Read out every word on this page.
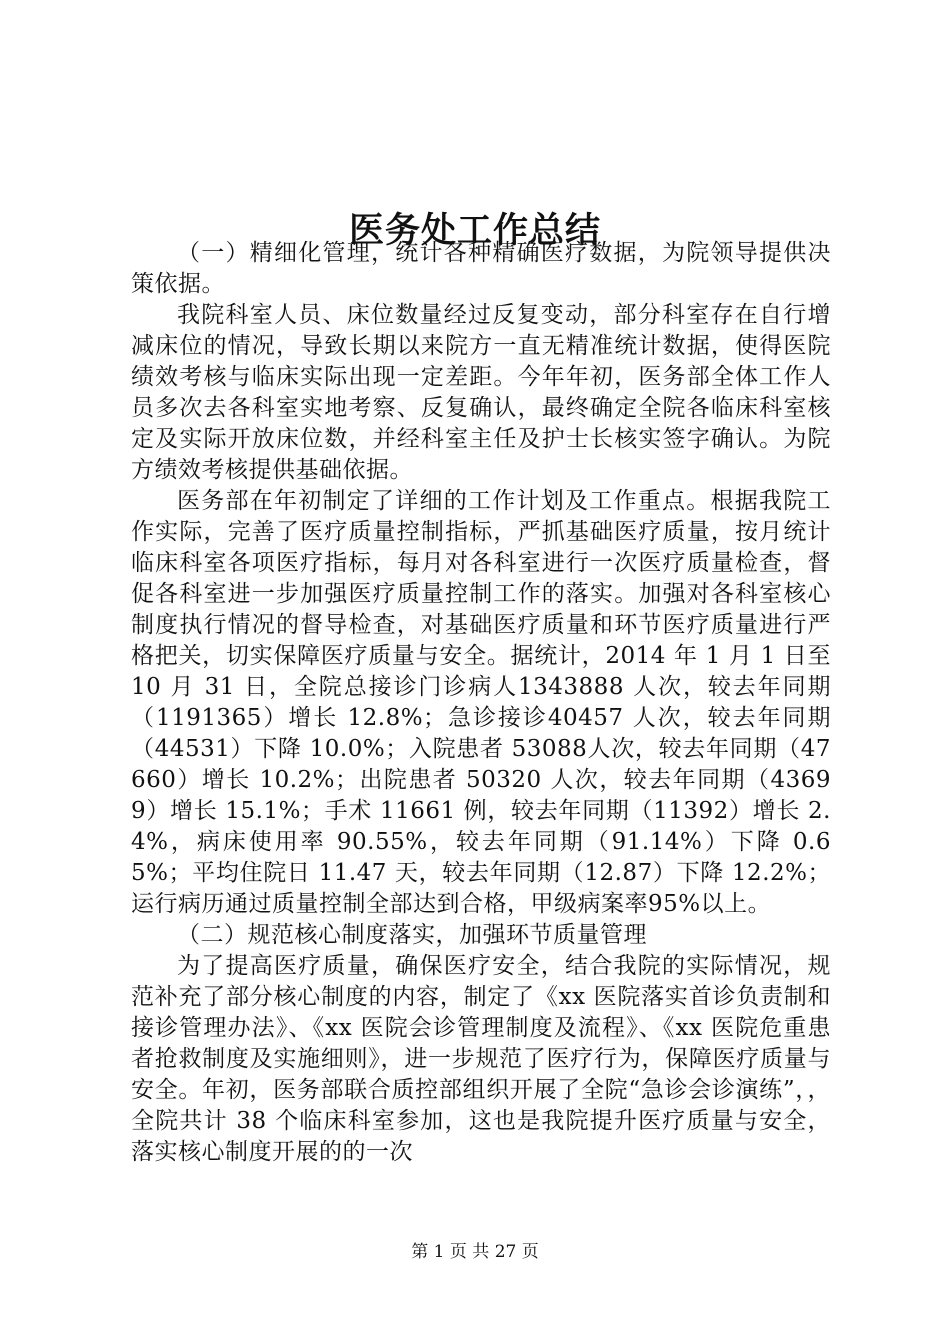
医务处工作总结

（一）精细化管理，统计各种精确医疗数据，为院领导提供决策依据。

我院科室人员、床位数量经过反复变动，部分科室存在自行增减床位的情况，导致长期以来院方一直无精准统计数据，使得医院绩效考核与临床实际出现一定差距。今年年初，医务部全体工作人员多次去各科室实地考察、反复确认，最终确定全院各临床科室核定及实际开放床位数，并经科室主任及护士长核实签字确认。为院方绩效考核提供基础依据。

医务部在年初制定了详细的工作计划及工作重点。根据我院工作实际，完善了医疗质量控制指标，严抓基础医疗质量，按月统计临床科室各项医疗指标，每月对各科室进行一次医疗质量检查，督促各科室进一步加强医疗质量控制工作的落实。加强对各科室核心制度执行情况的督导检查，对基础医疗质量和环节医疗质量进行严格把关，切实保障医疗质量与安全。据统计，2014 年 1 月 1 日至 10 月 31 日，全院总接诊门诊病人1343888 人次，较去年同期（1191365）增长 12.8%；急诊接诊40457 人次，较去年同期（44531）下降 10.0%；入院患者 53088人次，较去年同期（47660）增长 10.2%；出院患者 50320 人次，较去年同期（43699）增长 15.1%；手术 11661 例，较去年同期（11392）增长 2.4%，病床使用率 90.55%，较去年同期（91.14%）下降 0.65%；平均住院日 11.47 天，较去年同期（12.87）下降 12.2%；运行病历通过质量控制全部达到合格，甲级病案率95%以上。

（二）规范核心制度落实，加强环节质量管理

为了提高医疗质量，确保医疗安全，结合我院的实际情况，规范补充了部分核心制度的内容，制定了《xx 医院落实首诊负责制和接诊管理办法》、《xx 医院会诊管理制度及流程》、《xx 医院危重患者抢救制度及实施细则》，进一步规范了医疗行为，保障医疗质量与安全。年初，医务部联合质控部组织开展了全院“急诊会诊演练”，，全院共计 38 个临床科室参加，这也是我院提升医疗质量与安全，落实核心制度开展的的一次

第 1 页 共 27 页
